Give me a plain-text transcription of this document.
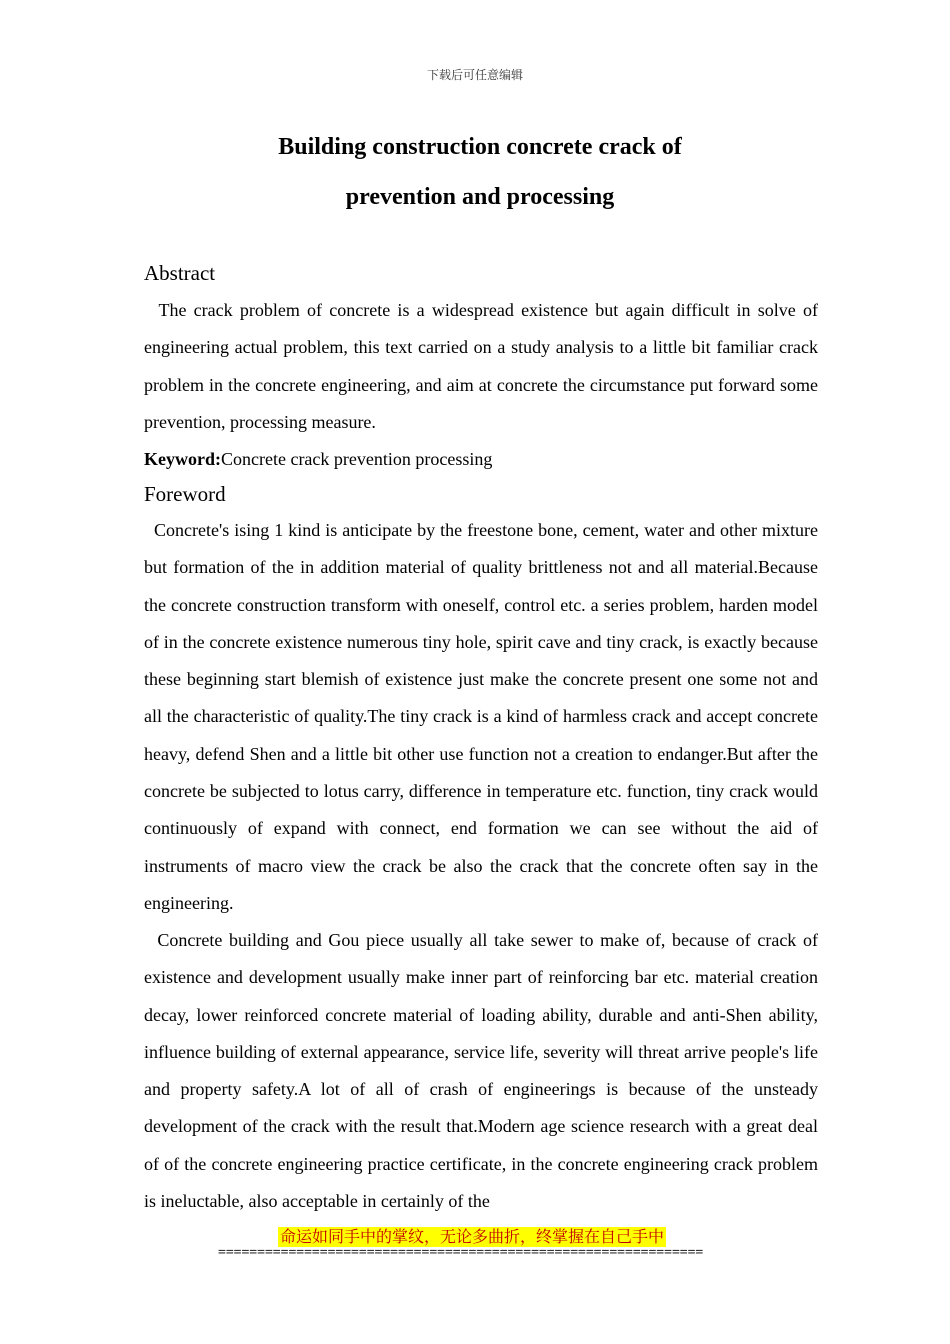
下载后可任意编辑
Building construction concrete crack of
prevention and processing
Abstract
The crack problem of concrete is a widespread existence but again difficult in solve of engineering actual problem, this text carried on a study analysis to a little bit familiar crack problem in the concrete engineering, and aim at concrete the circumstance put forward some prevention, processing measure.
Keyword:Concrete crack prevention processing
Foreword
Concrete's ising 1 kind is anticipate by the freestone bone, cement, water and other mixture but formation of the in addition material of quality brittleness not and all material.Because the concrete construction transform with oneself, control etc. a series problem, harden model of in the concrete existence numerous tiny hole, spirit cave and tiny crack, is exactly because these beginning start blemish of existence just make the concrete present one some not and all the characteristic of quality.The tiny crack is a kind of harmless crack and accept concrete heavy, defend Shen and a little bit other use function not a creation to endanger.But after the concrete be subjected to lotus carry, difference in temperature etc. function, tiny crack would continuously of expand with connect, end formation we can see without the aid of instruments of macro view the crack be also the crack that the concrete often say in the engineering.
Concrete building and Gou piece usually all take sewer to make of, because of crack of existence and development usually make inner part of reinforcing bar etc. material creation decay, lower reinforced concrete material of loading ability, durable and anti-Shen ability, influence building of external appearance, service life, severity will threat arrive people's life and property safety.A lot of all of crash of engineerings is because of the unsteady development of the crack with the result that.Modern age science research with a great deal of of the concrete engineering practice certificate, in the concrete engineering crack problem is ineluctable, also acceptable in certainly of the
命运如同手中的掌纹，无论多曲折，终掌握在自己手中
==============================================================
